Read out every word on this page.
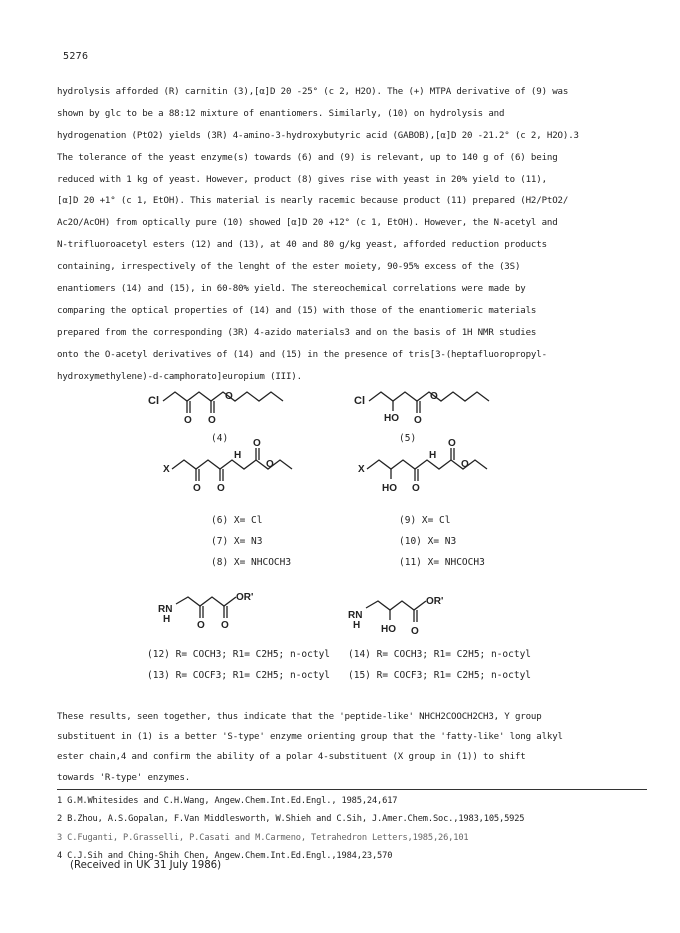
5276
hydrolysis afforded (R) carnitin (3),[α]D 20 -25° (c 2, H2O). The (+) MTPA derivative of (9) was
shown by glc to be a 88:12 mixture of enantiomers. Similarly, (10) on hydrolysis and
hydrogenation (PtO2) yields (3R) 4-amino-3-hydroxybutyric acid (GABOB),[α]D 20 -21.2° (c 2, H2O).3
The tolerance of the yeast enzyme(s) towards (6) and (9) is relevant, up to 140 g of (6) being
reduced with 1 kg of yeast. However, product (8) gives rise with yeast in 20% yield to (11),
[α]D 20 +1° (c 1, EtOH). This material is nearly racemic because product (11) prepared (H2/PtO2/
Ac2O/AcOH) from optically pure (10) showed [α]D 20 +12° (c 1, EtOH). However, the N-acetyl and
N-trifluoroacetyl esters (12) and (13), at 40 and 80 g/kg yeast, afforded reduction products
containing, irrespectively of the lenght of the ester moiety, 90-95% excess of the (3S)
enantiomers (14) and (15), in 60-80% yield. The stereochemical correlations were made by
comparing the optical properties of (14) and (15) with those of the enantiomeric materials
prepared from the corresponding (3R) 4-azido materials3 and on the basis of 1H NMR studies
onto the O-acetyl derivatives of (14) and (15) in the presence of tris[3-(heptafluoropropyl-
hydroxymethylene)-d-camphorato]europium (III).
Cl
O O
O	Cl
HO O
O
X
O O
H
O
O	X
HO O
H
O
O
RN
H
O O
OR'
RN
H HO O
OR'
(4)	(5)
(6) X= Cl
(7) X= N3
(8) X= NHCOCH3
(9) X= Cl
(10) X= N3
(11) X= NHCOCH3
(12) R= COCH3; R1= C2H5; n-octyl
(13) R= COCF3; R1= C2H5; n-octyl
(14) R= COCH3; R1= C2H5; n-octyl
(15) R= COCF3; R1= C2H5; n-octyl
These results, seen together, thus indicate that the 'peptide-like' NHCH2COOCH2CH3, Y group
substituent in (1) is a better 'S-type' enzyme orienting group that the 'fatty-like' long alkyl
ester chain,4 and confirm the ability of a polar 4-substituent (X group in (1)) to shift
towards 'R-type' enzymes.
1 G.M.Whitesides and C.H.Wang, Angew.Chem.Int.Ed.Engl., 1985,24,617
2 B.Zhou, A.S.Gopalan, F.Van Middlesworth, W.Shieh and C.Sih, J.Amer.Chem.Soc.,1983,105,5925
3 C.Fuganti, P.Grasselli, P.Casati and M.Carmeno, Tetrahedron Letters,1985,26,101
4 C.J.Sih and Ching-Shih Chen, Angew.Chem.Int.Ed.Engl.,1984,23,570
(Received in UK 31 July 1986)
